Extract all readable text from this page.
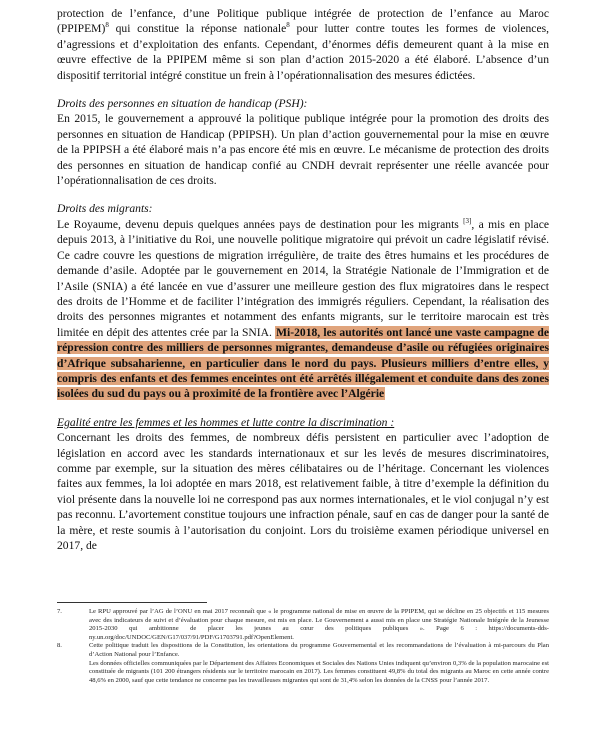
protection de l’enfance, d’une Politique publique intégrée de protection de l’enfance au Maroc (PPIPEM)$^8$ qui constitue la réponse nationale$^8$ pour lutter contre toutes les formes de violences, d’agressions et d’exploitation des enfants. Cependant, d’énormes défis demeurent quant à la mise en œuvre effective de la PPIPEM même si son plan d’action 2015-2020 a été élaboré. L’absence d’un dispositif territorial intégré constitue un frein à l’opérationnalisation des mesures édictées.

Droits des personnes en situation de handicap (PSH):

En 2015, le gouvernement a approuvé la politique publique intégrée pour la promotion des droits des personnes en situation de Handicap (PPIPSH). Un plan d’action gouvernemental pour la mise en œuvre de la PPIPSH a été élaboré mais n’a pas encore été mis en œuvre. Le mécanisme de protection des droits des personnes en situation de handicap confié au CNDH devrait représenter une réelle avancée pour l’opérationnalisation de ces droits.

Droits des migrants:

Le Royaume, devenu depuis quelques années pays de destination pour les migrants [3], a mis en place depuis 2013, à l’initiative du Roi, une nouvelle politique migratoire qui prévoit un cadre législatif révisé. Ce cadre couvre les questions de migration irrégulière, de traite des êtres humains et les procédures de demande d’asile. Adoptée par le gouvernement en 2014, la Stratégie Nationale de l’Immigration et de l’Asile (SNIA) a été lancée en vue d’assurer une meilleure gestion des flux migratoires dans le respect des droits de l’Homme et de faciliter l’intégration des immigrés réguliers. Cependant, la réalisation des droits des personnes migrantes et notamment des enfants migrants, sur le territoire marocain est très limitée en dépit des attentes crée par la SNIA. Mi-2018, les autorités ont lancé une vaste campagne de répression contre des milliers de personnes migrantes, demandeuse d’asile ou réfugiées originaires d’Afrique subsaharienne, en particulier dans le nord du pays. Plusieurs milliers d’entre elles, y compris des enfants et des femmes enceintes ont été arrêtés illégalement et conduite dans des zones isolées du sud du pays ou à proximité de la frontière avec l’Algérie

Egalité entre les femmes et les hommes et lutte contre la discrimination :

Concernant les droits des femmes, de nombreux défis persistent en particulier avec l’adoption de législation en accord avec les standards internationaux et sur les levés de mesures discriminatoires, comme par exemple, sur la situation des mères célibataires ou de l’héritage. Concernant les violences faites aux femmes, la loi adoptée en mars 2018, est relativement faible, à titre d’exemple la définition du viol présente dans la nouvelle loi ne correspond pas aux normes internationales, et le viol conjugal n’y est pas reconnu. L’avortement constitue toujours une infraction pénale, sauf en cas de danger pour la santé de la mère, et reste soumis à l’autorisation du conjoint. Lors du troisième examen périodique universel en 2017, de

7.	Le RPU approuvé par l’AG de l’ONU en mai 2017 reconnaît que « le programme national de mise en œuvre de la PPIPEM, qui se décline en 25 objectifs et 115 mesures avec des indicateurs de suivi et d’évaluation pour chaque mesure, est mis en place. Le Gouvernement a aussi mis en place une Stratégie Nationale Intégrée de la Jeunesse 2015-2030 qui ambitionne de placer les jeunes au cœur des politiques publiques ». Page 6 : https://documents-dds-ny.un.org/doc/UNDOC/GEN/G17/037/91/PDF/G1703791.pdf?OpenElement.

8.	Cette politique traduit les dispositions de la Constitution, les orientations du programme Gouvernemental et les recommandations de l’évaluation à mi-parcours du Plan d’Action National pour l’Enfance.

Les données officielles communiquées par le Département des Affaires Economiques et Sociales des Nations Unies indiquent qu’environ 0,3% de la population marocaine est constituée de migrants (101 200 étrangers résidents sur le territoire marocain en 2017). Les femmes constituent 49,8% du total des migrants au Maroc en cette année contre 48,6% en 2000, sauf que cette tendance ne concerne pas les travailleuses migrantes qui sont de 31,4% selon les données de la CNSS pour l’année 2017.
